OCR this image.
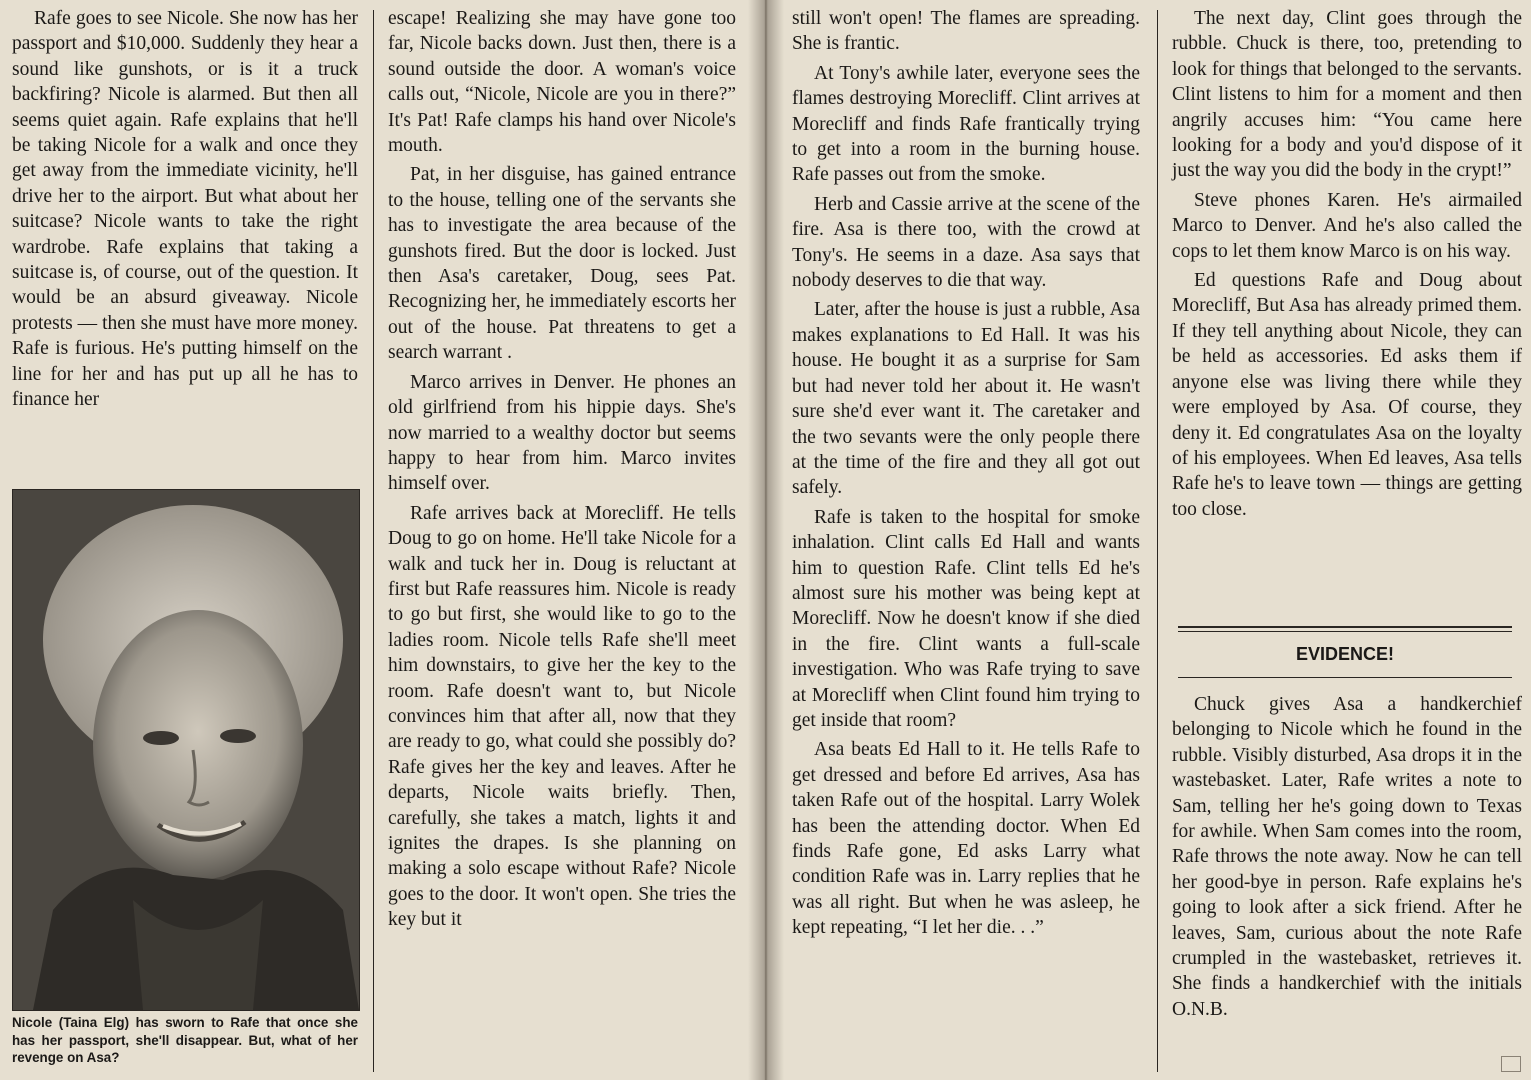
Rafe goes to see Nicole. She now has her passport and $10,000. Suddenly they hear a sound like gunshots, or is it a truck backfiring? Nicole is alarmed. But then all seems quiet again. Rafe explains that he'll be taking Nicole for a walk and once they get away from the immediate vicinity, he'll drive her to the airport. But what about her suitcase? Nicole wants to take the right wardrobe. Rafe explains that taking a suitcase is, of course, out of the question. It would be an absurd giveaway. Nicole protests — then she must have more money. Rafe is furious. He's putting himself on the line for her and has put up all he has to finance her

Nicole (Taina Elg) has sworn to Rafe that once she has her passport, she'll disappear. But, what of her revenge on Asa?

escape! Realizing she may have gone too far, Nicole backs down. Just then, there is a sound outside the door. A woman's voice calls out, “Nicole, Nicole are you in there?” It's Pat! Rafe clamps his hand over Nicole's mouth.

Pat, in her disguise, has gained entrance to the house, telling one of the servants she has to investigate the area because of the gunshots fired. But the door is locked. Just then Asa's caretaker, Doug, sees Pat. Recognizing her, he immediately escorts her out of the house. Pat threatens to get a search warrant .

Marco arrives in Denver. He phones an old girlfriend from his hippie days. She's now married to a wealthy doctor but seems happy to hear from him. Marco invites himself over.

Rafe arrives back at Morecliff. He tells Doug to go on home. He'll take Nicole for a walk and tuck her in. Doug is reluctant at first but Rafe reassures him. Nicole is ready to go but first, she would like to go to the ladies room. Nicole tells Rafe she'll meet him downstairs, to give her the key to the room. Rafe doesn't want to, but Nicole convinces him that after all, now that they are ready to go, what could she possibly do? Rafe gives her the key and leaves. After he departs, Nicole waits briefly. Then, carefully, she takes a match, lights it and ignites the drapes. Is she planning on making a solo escape without Rafe? Nicole goes to the door. It won't open. She tries the key but it

still won't open! The flames are spreading. She is frantic.

At Tony's awhile later, everyone sees the flames destroying Morecliff. Clint arrives at Morecliff and finds Rafe frantically trying to get into a room in the burning house. Rafe passes out from the smoke.

Herb and Cassie arrive at the scene of the fire. Asa is there too, with the crowd at Tony's. He seems in a daze. Asa says that nobody deserves to die that way.

Later, after the house is just a rubble, Asa makes explanations to Ed Hall. It was his house. He bought it as a surprise for Sam but had never told her about it. He wasn't sure she'd ever want it. The caretaker and the two sevants were the only people there at the time of the fire and they all got out safely.

Rafe is taken to the hospital for smoke inhalation. Clint calls Ed Hall and wants him to question Rafe. Clint tells Ed he's almost sure his mother was being kept at Morecliff. Now he doesn't know if she died in the fire. Clint wants a full-scale investigation. Who was Rafe trying to save at Morecliff when Clint found him trying to get inside that room?

Asa beats Ed Hall to it. He tells Rafe to get dressed and before Ed arrives, Asa has taken Rafe out of the hospital. Larry Wolek has been the attending doctor. When Ed finds Rafe gone, Ed asks Larry what condition Rafe was in. Larry replies that he was all right. But when he was asleep, he kept repeating, “I let her die. . .”

The next day, Clint goes through the rubble. Chuck is there, too, pretending to look for things that belonged to the servants. Clint listens to him for a moment and then angrily accuses him: “You came here looking for a body and you'd dispose of it just the way you did the body in the crypt!”

Steve phones Karen. He's airmailed Marco to Denver. And he's also called the cops to let them know Marco is on his way.

Ed questions Rafe and Doug about Morecliff, But Asa has already primed them. If they tell anything about Nicole, they can be held as accessories. Ed asks them if anyone else was living there while they were employed by Asa. Of course, they deny it. Ed congratulates Asa on the loyalty of his employees. When Ed leaves, Asa tells Rafe he's to leave town — things are getting too close.

EVIDENCE!

Chuck gives Asa a handkerchief belonging to Nicole which he found in the rubble. Visibly disturbed, Asa drops it in the wastebasket. Later, Rafe writes a note to Sam, telling her he's going down to Texas for awhile. When Sam comes into the room, Rafe throws the note away. Now he can tell her good-bye in person. Rafe explains he's going to look after a sick friend. After he leaves, Sam, curious about the note Rafe crumpled in the wastebasket, retrieves it. She finds a handkerchief with the initials O.N.B.
